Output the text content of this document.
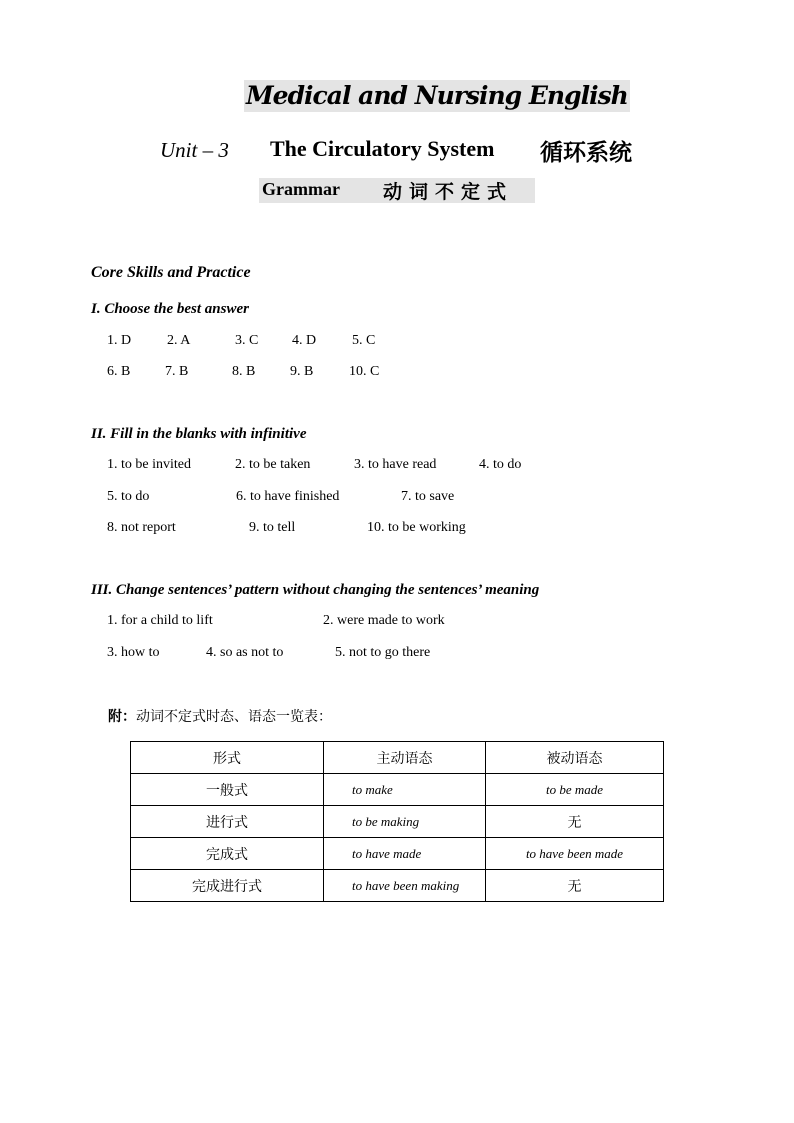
Medical and Nursing English
Unit – 3 The Circulatory System 循环系统
Grammar 动词不定式
Core Skills and Practice
I. Choose the best answer
1. D	2. A	3. C 4. D	5. C
6. B 7. B	8. B 9. B	10. C
II. Fill in the blanks with infinitive
1. to be invited	2. to be taken	3. to have read	4. to do
5. to do	6. to have finished	7. to save
8. not report	9. to tell	10. to be working
III. Change sentences’ pattern without changing the sentences’ meaning
1. for a child to lift	2. were made to work
3. how to	4. so as not to	5. not to go there
附：动词不定式时态、语态一览表：
形式	主动语态	被动语态
一般式	to make	to be made
进行式	to be making	无
完成式	to have made	to have been made
完成进行式	to have been making	无
